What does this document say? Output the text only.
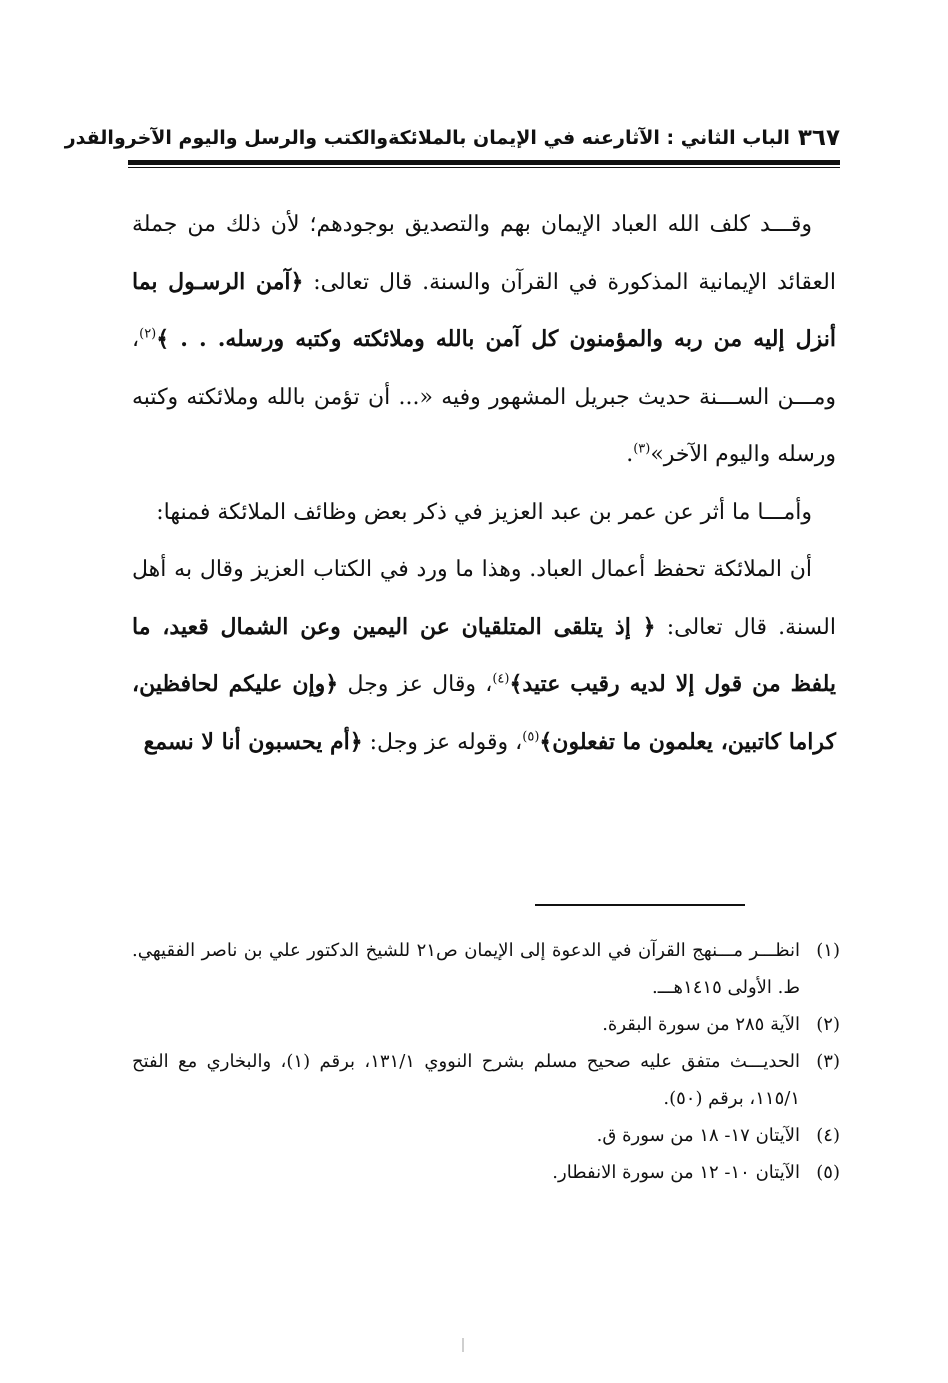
٣٦٧
الباب الثاني : الآثارعنه في الإيمان بالملائكةوالكتب والرسل واليوم الآخروالقدر

وقـــد كلف الله العباد الإيمان بهم والتصديق بوجودهم؛ لأن ذلك من جملة العقائد الإيمانية المذكورة في القرآن والسنة. قال تعالى: ﴿آمن الرسـول بما أنزل إليه من ربه والمؤمنون كل آمن بالله وملائكته وكتبه ورسله. . . ﴾$^{(٢)}$، ومـــن الســـنة حديث جبريل المشهور وفيه «... أن تؤمن بالله وملائكته وكتبه ورسله واليوم الآخر»$^{(٣)}$.

وأمـــا ما أثر عن عمر بن عبد العزيز في ذكر بعض وظائف الملائكة فمنها:

أن الملائكة تحفظ أعمال العباد. وهذا ما ورد في الكتاب العزيز وقال به أهل السنة. قال تعالى: ﴿ إذ يتلقى المتلقيان عن اليمين وعن الشمال قعيد، ما يلفظ من قول إلا لديه رقيب عتيد﴾$^{(٤)}$، وقال عز وجل ﴿وإن عليكم لحافظين، كراما كاتبين، يعلمون ما تفعلون﴾$^{(٥)}$، وقوله عز وجل: ﴿أم يحسبون أنا لا نسمع

(١)
انظـــر مـــنهج القرآن في الدعوة إلى الإيمان ص٢١ للشيخ الدكتور علي بن ناصر الفقيهي. ط. الأولى ١٤١٥هـــ.
(٢)
الآية ٢٨٥ من سورة البقرة.
(٣)
الحديـــث متفق عليه صحيح مسلم بشرح النووي ١٣١/١، برقم (١)، والبخاري مع الفتح ١١٥/١، برقم (٥٠).
(٤)
الآيتان ١٧- ١٨ من سورة ق.
(٥)
الآيتان ١٠- ١٢ من سورة الانفطار.
